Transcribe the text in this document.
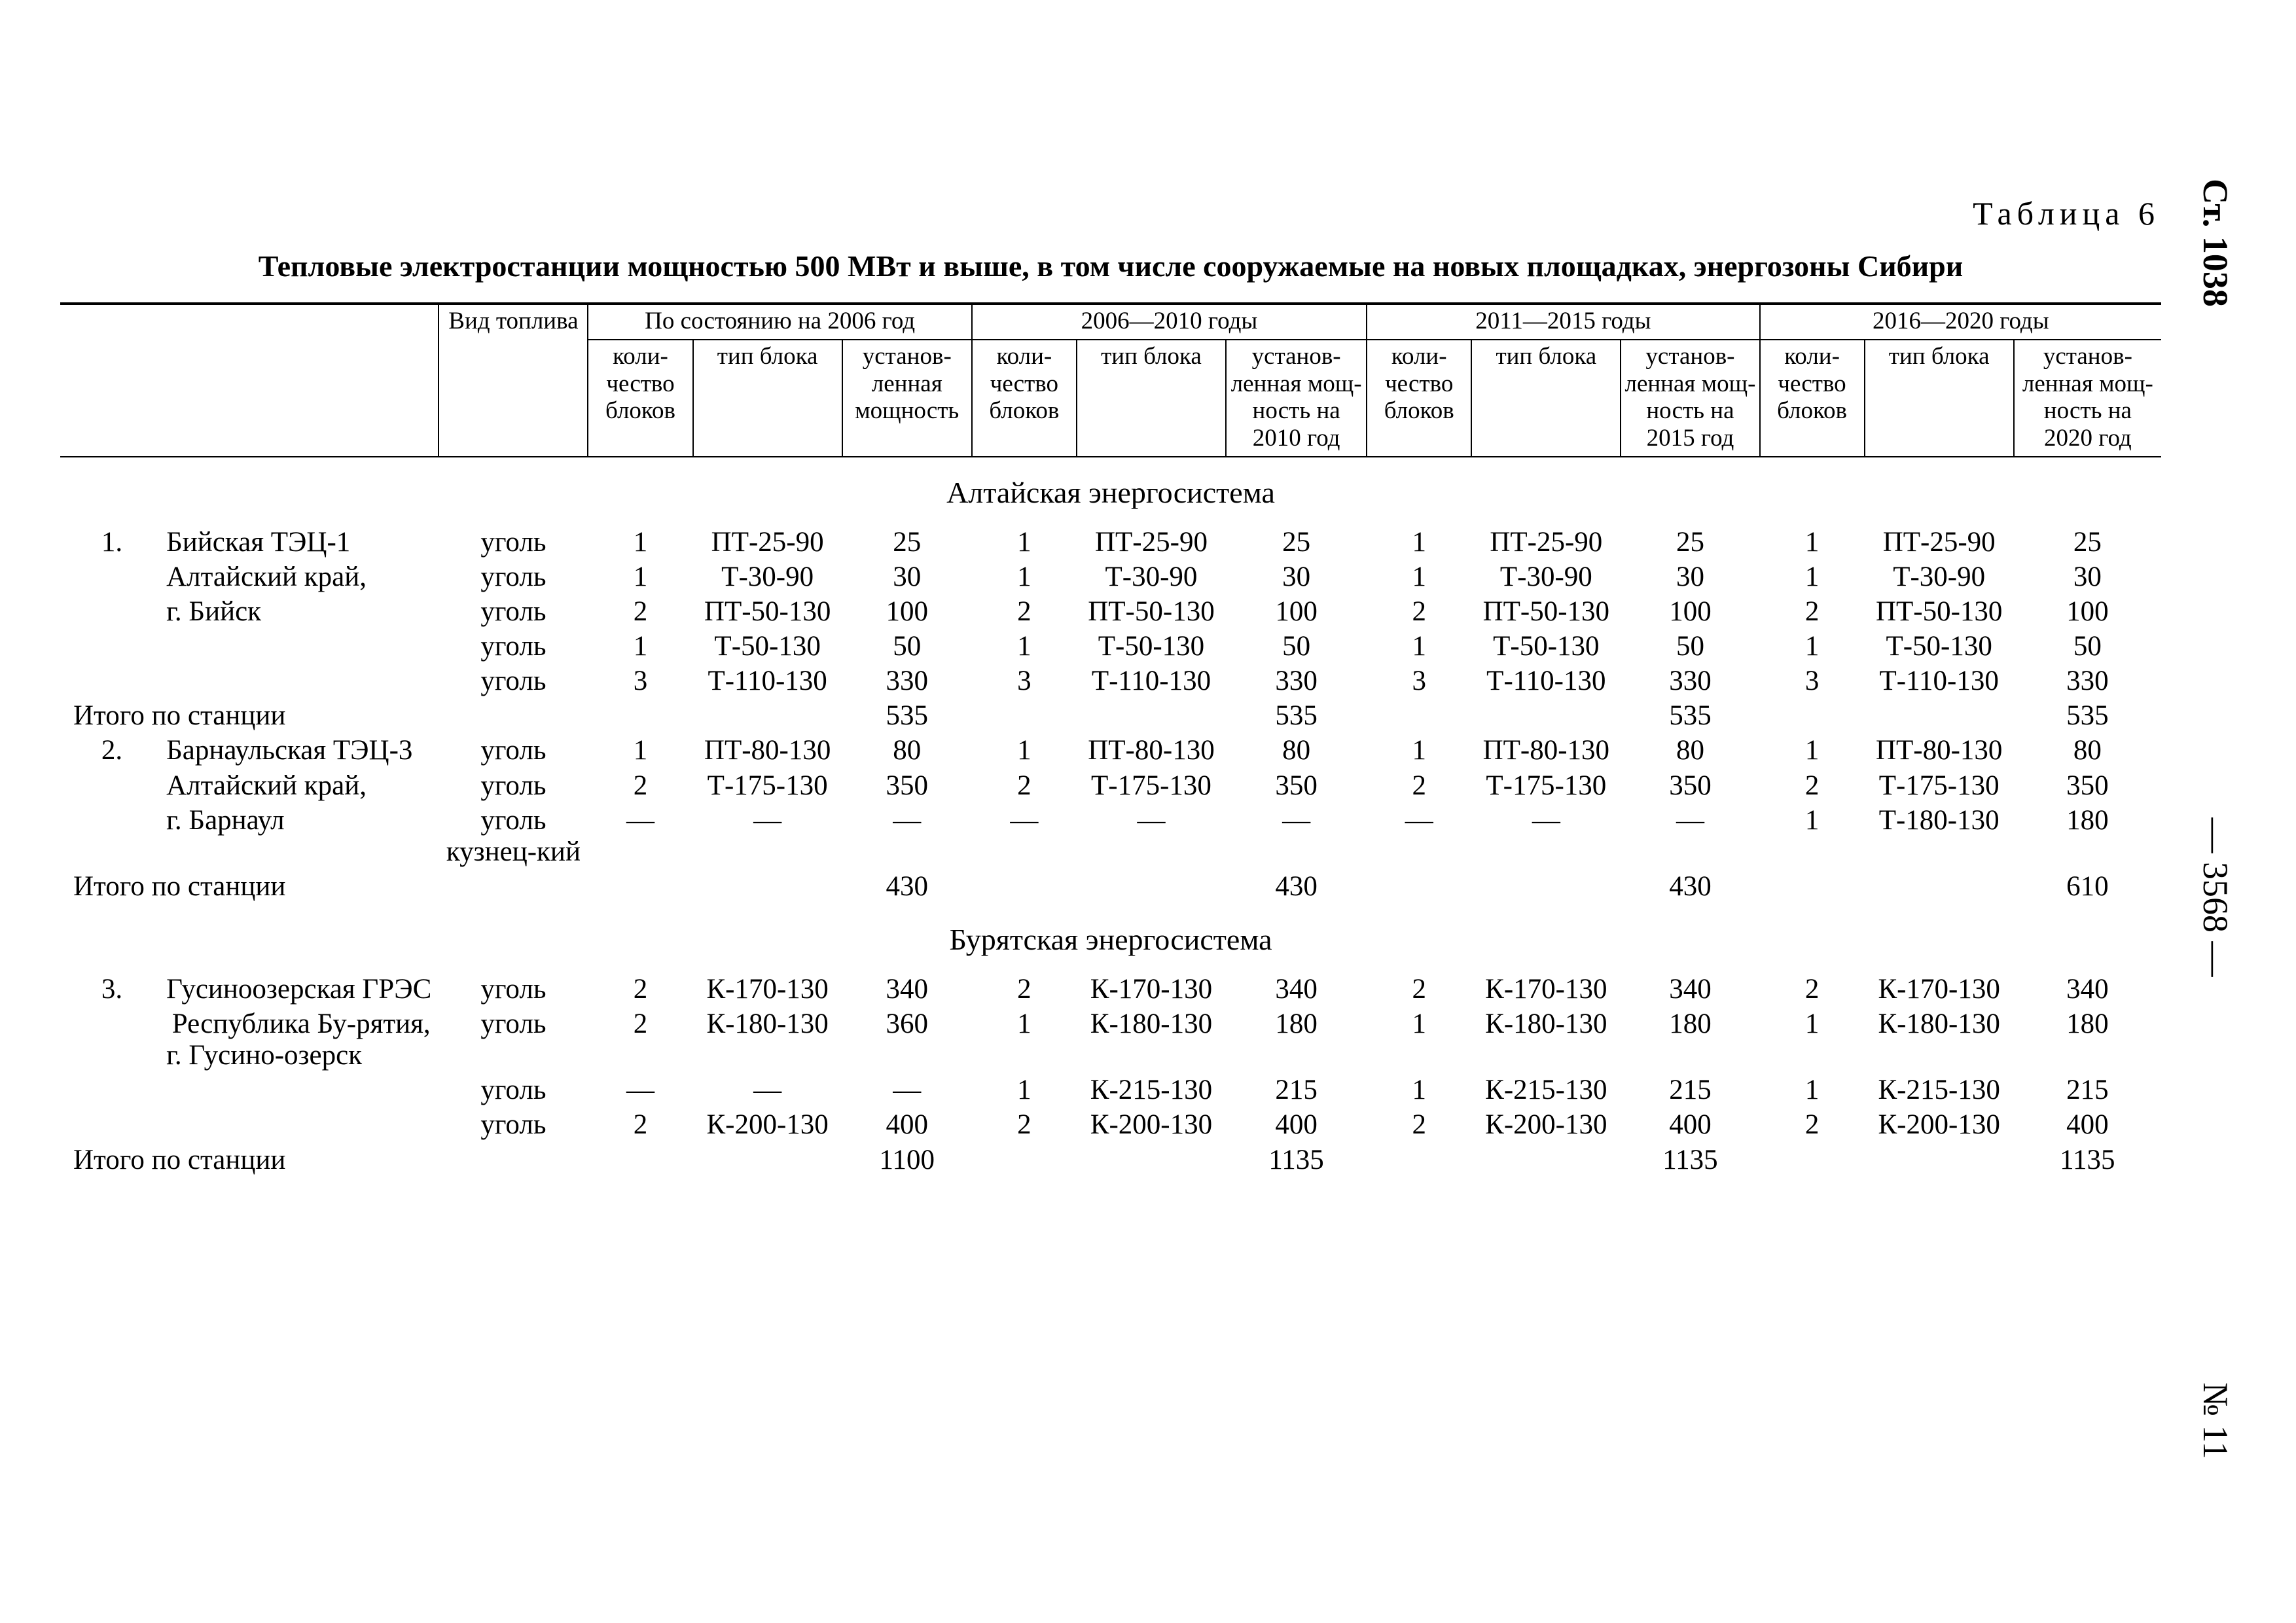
Таблица 6
Тепловые электростанции мощностью 500 МВт и выше, в том числе сооружаемые на новых площадках, энергозоны Сибири	Ст. 1038
— 3568 —
№ 11
		Вид топлива	По состоянию на 2006 год			2006—2010 годы			2011—2015 годы			2016—2020 годы		
			коли-чество блоков	тип блока	установ-ленная мощность	коли-чество блоков	тип блока	установ-ленная мощ-ность на 2010 год	коли-чество блоков	тип блока	установ-ленная мощ-ность на 2015 год	коли-чество блоков	тип блока	установ-ленная мощ-ность на 2020 год
Алтайская энергосистема														
1.	Бийская ТЭЦ-1	уголь	1	ПТ-25-90	25	1	ПТ-25-90	25	1	ПТ-25-90	25	1	ПТ-25-90	25
	Алтайский край,	уголь	1	Т-30-90	30	1	Т-30-90	30	1	Т-30-90	30	1	Т-30-90	30
	г. Бийск	уголь	2	ПТ-50-130	100	2	ПТ-50-130	100	2	ПТ-50-130	100	2	ПТ-50-130	100
		уголь	1	Т-50-130	50	1	Т-50-130	50	1	Т-50-130	50	1	Т-50-130	50
		уголь	3	Т-110-130	330	3	Т-110-130	330	3	Т-110-130	330	3	Т-110-130	330
Итого по станции					535			535			535			535
2.	Барнаульская ТЭЦ-3	уголь	1	ПТ-80-130	80	1	ПТ-80-130	80	1	ПТ-80-130	80	1	ПТ-80-130	80
	Алтайский край,	уголь	2	Т-175-130	350	2	Т-175-130	350	2	Т-175-130	350	2	Т-175-130	350
	г. Барнаул	уголь кузнец-кий	—	—	—	—	—	—	—	—	—	1	Т-180-130	180
Итого по станции					430			430			430			610
Бурятская энергосистема														
3.	Гусиноозерская ГРЭС	уголь	2	К-170-130	340	2	К-170-130	340	2	К-170-130	340	2	К-170-130	340
	Республика Бу-рятия, г. Гусино-озерск	уголь	2	К-180-130	360	1	К-180-130	180	1	К-180-130	180	1	К-180-130	180
		уголь	—	—	—	1	К-215-130	215	1	К-215-130	215	1	К-215-130	215
		уголь	2	К-200-130	400	2	К-200-130	400	2	К-200-130	400	2	К-200-130	400
Итого по станции					1100			1135			1135			1135
